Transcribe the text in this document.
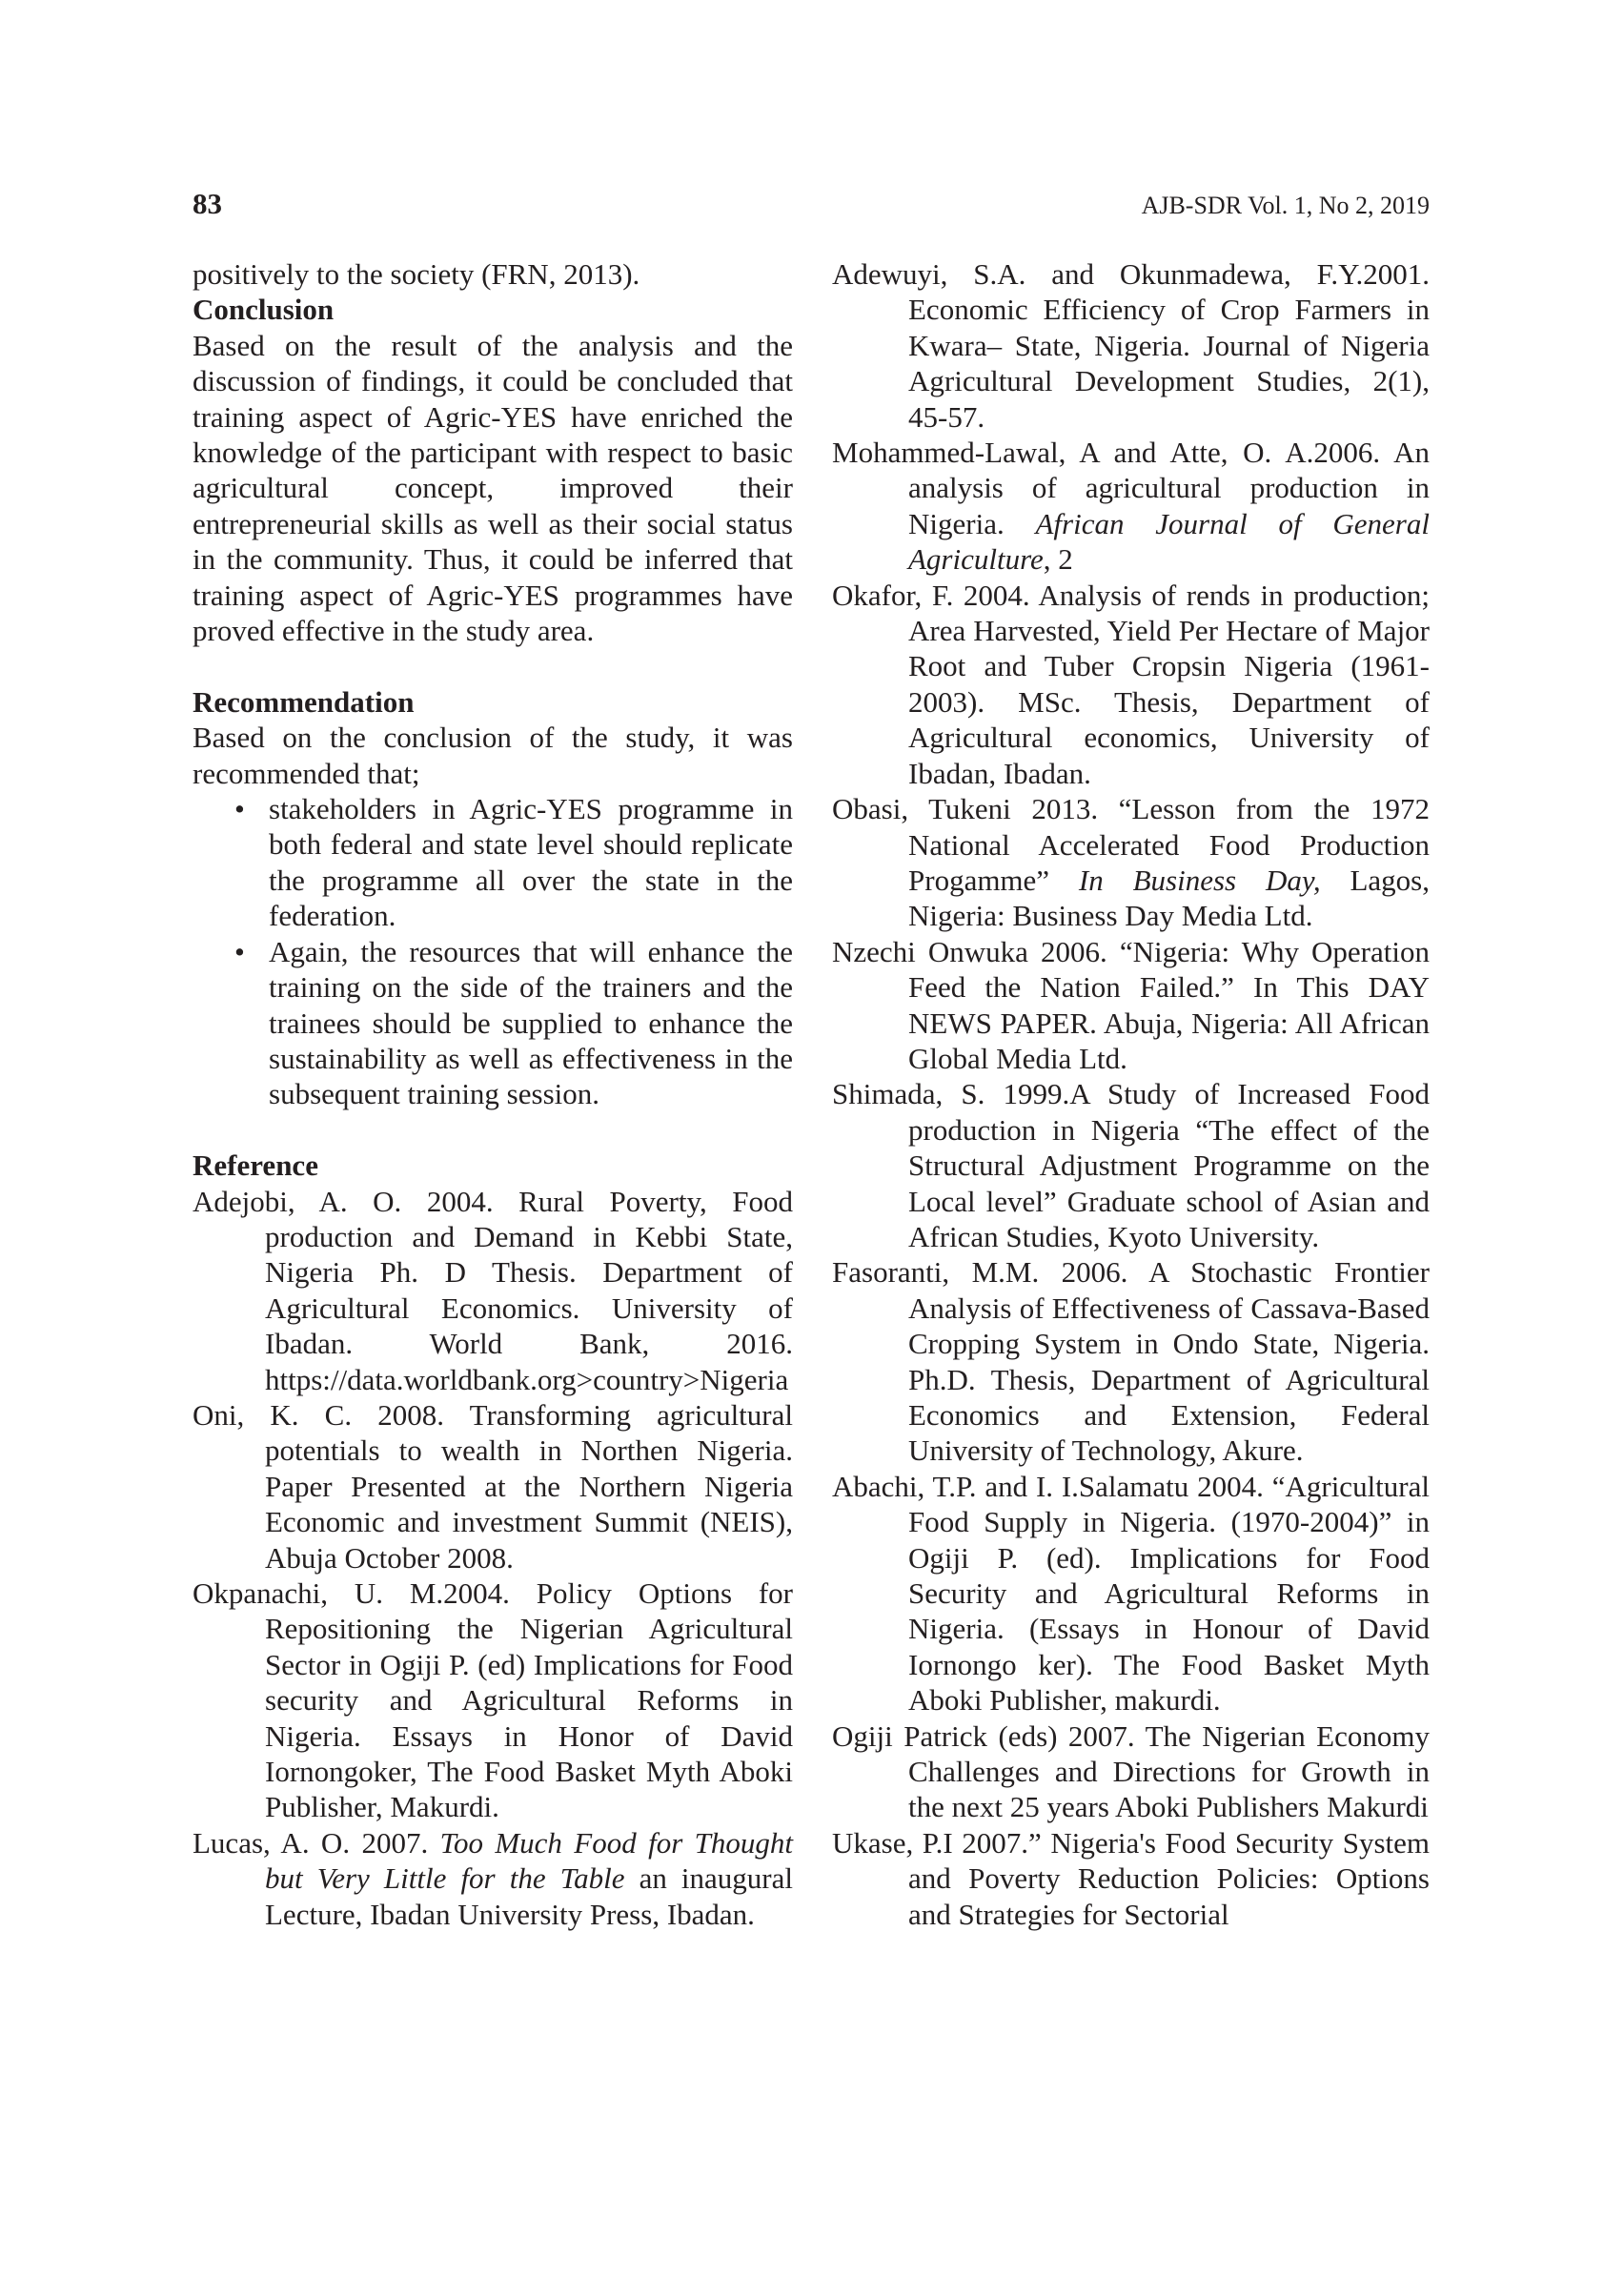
83	AJB-SDR Vol. 1, No 2, 2019

positively to the society (FRN, 2013).

Conclusion

Based on the result of the analysis and the discussion of findings, it could be concluded that training aspect of Agric-YES have enriched the knowledge of the participant with respect to basic agricultural concept, improved their entrepreneurial skills as well as their social status in the community. Thus, it could be inferred that training aspect of Agric-YES programmes have proved effective in the study area.

Recommendation

Based on the conclusion of the study, it was recommended that;

• stakeholders in Agric-YES programme in both federal and state level should replicate the programme all over the state in the federation.
• Again, the resources that will enhance the training on the side of the trainers and the trainees should be supplied to enhance the sustainability as well as effectiveness in the subsequent training session.
Reference

Adejobi, A. O. 2004. Rural Poverty, Food production and Demand in Kebbi State, Nigeria Ph. D Thesis. Department of Agricultural Economics. University of Ibadan. World Bank, 2016. https://data.worldbank.org>country>Nigeria

Oni, K. C. 2008. Transforming agricultural potentials to wealth in Northen Nigeria. Paper Presented at the Northern Nigeria Economic and investment Summit (NEIS), Abuja October 2008.

Okpanachi, U. M.2004. Policy Options for Repositioning the Nigerian Agricultural Sector in Ogiji P. (ed) Implications for Food security and Agricultural Reforms in Nigeria. Essays in Honor of David Iornongoker, The Food Basket Myth Aboki Publisher, Makurdi.

Lucas, A. O. 2007. Too Much Food for Thought but Very Little for the Table an inaugural Lecture, Ibadan University Press, Ibadan.

Adewuyi, S.A. and Okunmadewa, F.Y.2001. Economic Efficiency of Crop Farmers in Kwara– State, Nigeria. Journal of Nigeria Agricultural Development Studies, 2(1), 45-57.

Mohammed-Lawal, A and Atte, O. A.2006. An analysis of agricultural production in Nigeria. African Journal of General Agriculture, 2

Okafor, F. 2004. Analysis of rends in production; Area Harvested, Yield Per Hectare of Major Root and Tuber Cropsin Nigeria (1961-2003). MSc. Thesis, Department of Agricultural economics, University of Ibadan, Ibadan.

Obasi, Tukeni 2013. “Lesson from the 1972 National Accelerated Food Production Progamme” In Business Day, Lagos, Nigeria: Business Day Media Ltd.

Nzechi Onwuka 2006. “Nigeria: Why Operation Feed the Nation Failed.” In This DAY NEWS PAPER. Abuja, Nigeria: All African Global Media Ltd.

Shimada, S. 1999.A Study of Increased Food production in Nigeria “The effect of the Structural Adjustment Programme on the Local level” Graduate school of Asian and African Studies, Kyoto University.

Fasoranti, M.M. 2006. A Stochastic Frontier Analysis of Effectiveness of Cassava-Based Cropping System in Ondo State, Nigeria. Ph.D. Thesis, Department of Agricultural Economics and Extension, Federal University of Technology, Akure.

Abachi, T.P. and I. I.Salamatu 2004. “Agricultural Food Supply in Nigeria. (1970-2004)” in Ogiji P. (ed). Implications for Food Security and Agricultural Reforms in Nigeria. (Essays in Honour of David Iornongo ker). The Food Basket Myth Aboki Publisher, makurdi.

Ogiji Patrick (eds) 2007. The Nigerian Economy Challenges and Directions for Growth in the next 25 years Aboki Publishers Makurdi

Ukase, P.I 2007.” Nigeria's Food Security System and Poverty Reduction Policies: Options and Strategies for Sectorial
